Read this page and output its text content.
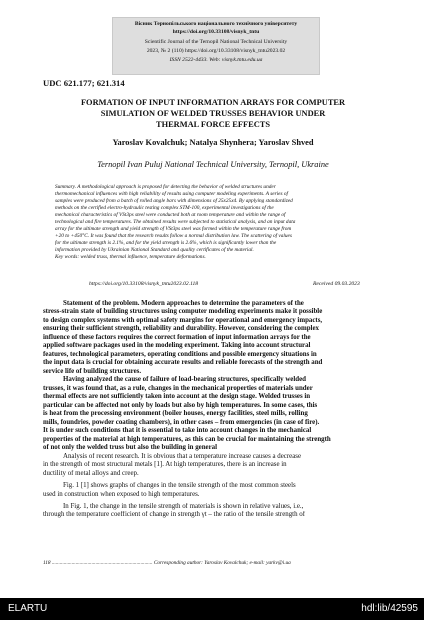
Вісник Тернопільського національного технічного університету
https://doi.org/10.33108/visnyk_tntu
Scientific Journal of the Ternopil National Technical University
2023, № 2 (110) https://doi.org/10.33108/visnyk_tntu2023.02
ISSN 2522-4433. Web: visnyk.tntu.edu.ua
UDC 621.177; 621.314
FORMATION OF INPUT INFORMATION ARRAYS FOR COMPUTER
SIMULATION OF WELDED TRUSSES BEHAVIOR UNDER
THERMAL FORCE EFFECTS
Yaroslav Kovalchuk; Natalya Shynhera; Yaroslav Shved
Ternopil Ivan Puluj National Technical University, Ternopil, Ukraine
Summary. A methodological approach is proposed for detecting the behavior of welded structures under
thermomechanical influences with high reliability of results using computer modeling experiments. A series of
samples were produced from a batch of rolled angle bars with dimensions of 25x25x4. By applying standardized
methods on the certified electro-hydraulic testing complex STM-100, experimental investigations of the
mechanical characteristics of VSt3ps steel were conducted both at room temperature and within the range of
technological and fire temperatures. The obtained results were subjected to statistical analysis, and an input data
array for the ultimate strength and yield strength of VSt3ps steel was formed within the temperature range from
+20 to +450°C. It was found that the research results follow a normal distribution law. The scattering of values
for the ultimate strength is 2.1%, and for the yield strength is 2.6%, which is significantly lower than the
information provided by Ukrainian National Standard and quality certificates of the material.
Key words: welded truss, thermal influence, temperature deformations.
https://doi.org/10.33108/visnyk_tntu2023.02.118	Received 09.03.2023
Statement of the problem. Modern approaches to determine the parameters of the
stress-strain state of building structures using computer modeling experiments make it possible
to design complex systems with optimal safety margins for operational and emergency impacts,
ensuring their sufficient strength, reliability and durability. However, considering the complex
influence of these factors requires the correct formation of input information arrays for the
applied software packages used in the modeling experiment. Taking into account structural
features, technological parameters, operating conditions and possible emergency situations in
the input data is crucial for obtaining accurate results and reliable forecasts of the strength and
service life of building structures.
Having analyzed the cause of failure of load-bearing structures, specifically welded
trusses, it was found that, as a rule, changes in the mechanical properties of materials under
thermal effects are not sufficiently taken into account at the design stage. Welded trusses in
particular can be affected not only by loads but also by high temperatures. In some cases, this
is heat from the processing environment (boiler houses, energy facilities, steel mills, rolling
mills, foundries, powder coating chambers), in other cases – from emergencies (in case of fire).
It is under such conditions that it is essential to take into account changes in the mechanical
properties of the material at high temperatures, as this can be crucial for maintaining the strength
of not only the welded truss but also the building in general
Analysis of recent research. It is obvious that a temperature increase causes a decrease
in the strength of most structural metals [1]. At high temperatures, there is an increase in
ductility of metal alloys and creep.
Fig. 1 [1] shows graphs of changes in the tensile strength of the most common steels
used in construction when exposed to high temperatures.
In Fig. 1, the change in the tensile strength of materials is shown in relative values, i.e.,
through the temperature coefficient of change in strength γt – the ratio of the tensile strength of
118 ............................................................................ Corresponding author: Yaroslav Kovalchuk; e-mail: yarkv@i.ua
ELARTU	hdl:lib/42595
